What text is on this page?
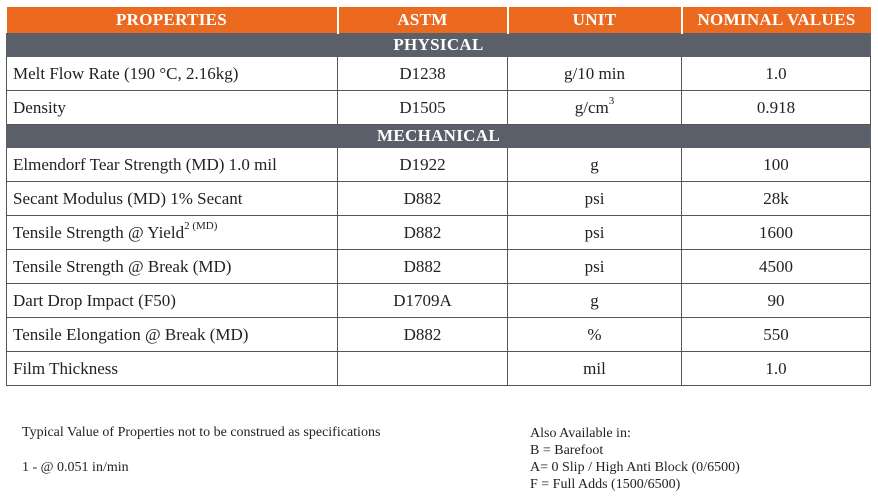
PROPERTIES	ASTM	UNIT	NOMINAL VALUES
PHYSICAL			
Melt Flow Rate (190 °C, 2.16kg)	D1238	g/10 min	1.0
Density	D1505	$g/cm^3$	0.918
MECHANICAL			
Elmendorf Tear Strength (MD) 1.0 mil	D1922	g	100
Secant Modulus (MD) 1% Secant	D882	psi	28k
Tensile Strength @ Yield$^2$ $^{(MD)}$	D882	psi	1600
Tensile Strength @ Break (MD)	D882	psi	4500
Dart Drop Impact (F50)	D1709A	g	90
Tensile Elongation @ Break (MD)	D882	%	550
Film Thickness		mil	1.0
Typical Value of Properties not to be construed as specifications
1 - @ 0.051 in/min
Also Available in:
B = Barefoot
A= 0 Slip / High Anti Block (0/6500)
F = Full Adds (1500/6500)
